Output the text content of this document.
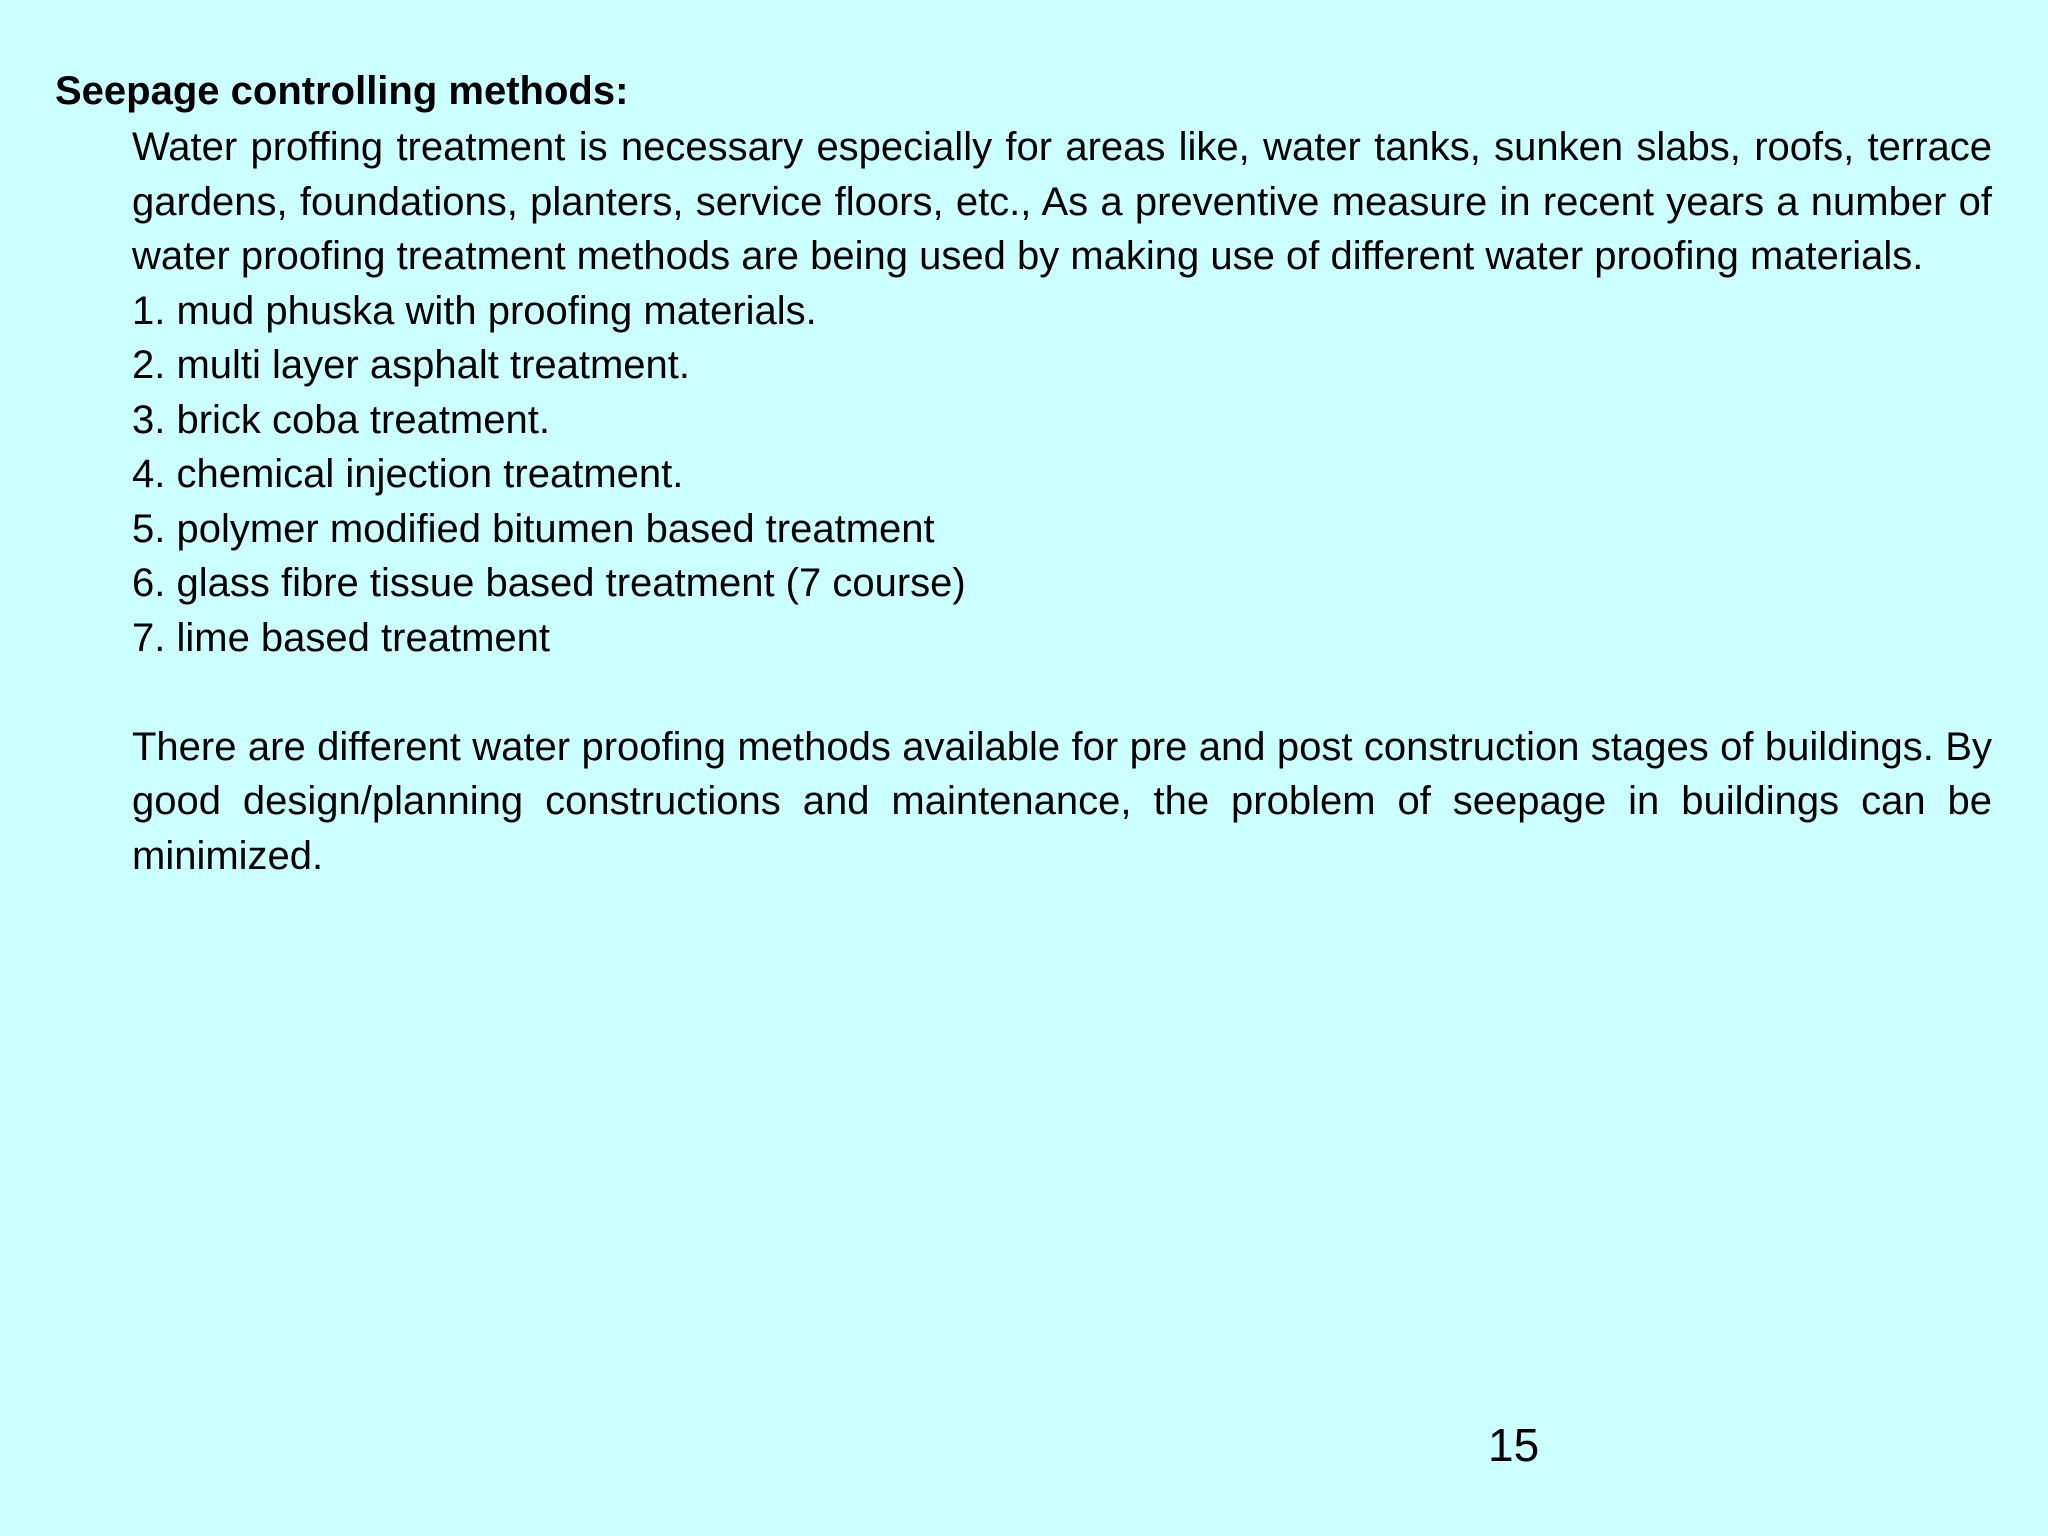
Seepage controlling methods:

Water proffing treatment is necessary especially for areas like, water tanks, sunken slabs, roofs, terrace gardens, foundations, planters, service floors, etc., As a preventive measure in recent years a number of water proofing treatment methods are being used by making use of different water proofing materials.

1. mud phuska with proofing materials.
2. multi layer asphalt treatment.
3. brick coba treatment.
4. chemical injection treatment.
5. polymer modified bitumen based treatment
6. glass fibre tissue based treatment (7 course)
7. lime based treatment

There are different water proofing methods available for pre and post construction stages of buildings. By good design/planning constructions and maintenance, the problem of seepage in buildings can be minimized.

15
